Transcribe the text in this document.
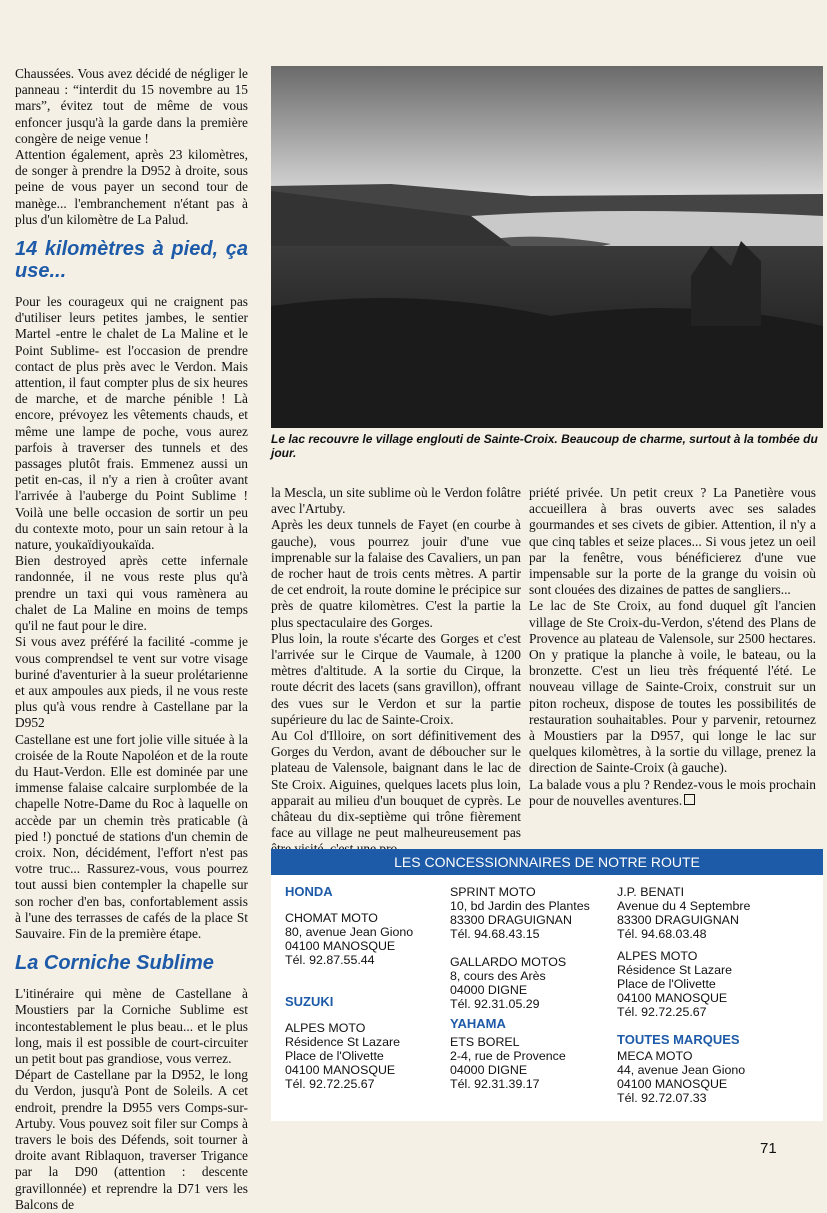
Chaussées. Vous avez décidé de négliger le panneau : “interdit du 15 novembre au 15 mars”, évitez tout de même de vous enfoncer jusqu'à la garde dans la première congère de neige venue !

Attention également, après 23 kilomètres, de songer à prendre la D952 à droite, sous peine de vous payer un second tour de manège... l'embranchement n'étant pas à plus d'un kilomètre de La Palud.

14 kilomètres à pied, ça use...

Pour les courageux qui ne craignent pas d'utiliser leurs petites jambes, le sentier Martel -entre le chalet de La Maline et le Point Sublime- est l'occasion de prendre contact de plus près avec le Verdon. Mais attention, il faut compter plus de six heures de marche, et de marche pénible ! Là encore, prévoyez les vêtements chauds, et même une lampe de poche, vous aurez parfois à traverser des tunnels et des passages plutôt frais. Emmenez aussi un petit en-cas, il n'y a rien à croûter avant l'arrivée à l'auberge du Point Sublime ! Voilà une belle occasion de sortir un peu du contexte moto, pour un sain retour à la nature, youkaïdiyoukaïda.

Bien destroyed après cette infernale randonnée, il ne vous reste plus qu'à prendre un taxi qui vous ramènera au chalet de La Maline en moins de temps qu'il ne faut pour le dire.

Si vous avez préféré la facilité -comme je vous comprendsel te vent sur votre visage buriné d'aventurier à la sueur prolétarienne et aux ampoules aux pieds, il ne vous reste plus qu'à vous rendre à Castellane par la D952

Castellane est une fort jolie ville située à la croisée de la Route Napoléon et de la route du Haut-Verdon. Elle est dominée par une immense falaise calcaire surplombée de la chapelle Notre-Dame du Roc à laquelle on accède par un chemin très praticable (à pied !) ponctué de stations d'un chemin de croix. Non, décidément, l'effort n'est pas votre truc... Rassurez-vous, vous pourrez tout aussi bien contempler la chapelle sur son rocher d'en bas, confortablement assis à l'une des terrasses de cafés de la place St Sauvaire. Fin de la première étape.

La Corniche Sublime

L'itinéraire qui mène de Castellane à Moustiers par la Corniche Sublime est incontestablement le plus beau... et le plus long, mais il est possible de court-circuiter un petit bout pas grandiose, vous verrez.

Départ de Castellane par la D952, le long du Verdon, jusqu'à Pont de Soleils. A cet endroit, prendre la D955 vers Comps-sur-Artuby. Vous pouvez soit filer sur Comps à travers le bois des Défends, soit tourner à droite avant Riblaquon, traverser Trigance par la D90 (attention : descente gravillonnée) et reprendre la D71 vers les Balcons de

Le lac recouvre le village englouti de Sainte-Croix. Beaucoup de charme, surtout à la tombée du jour.

la Mescla, un site sublime où le Verdon folâtre avec l'Artuby.

Après les deux tunnels de Fayet (en courbe à gauche), vous pourrez jouir d'une vue imprenable sur la falaise des Cavaliers, un pan de rocher haut de trois cents mètres. A partir de cet endroit, la route domine le précipice sur près de quatre kilomètres. C'est la partie la plus spectaculaire des Gorges.

Plus loin, la route s'écarte des Gorges et c'est l'arrivée sur le Cirque de Vaumale, à 1200 mètres d'altitude. A la sortie du Cirque, la route décrit des lacets (sans gravillon), offrant des vues sur le Verdon et sur la partie supérieure du lac de Sainte-Croix.

Au Col d'Illoire, on sort définitivement des Gorges du Verdon, avant de déboucher sur le plateau de Valensole, baignant dans le lac de Ste Croix. Aiguines, quelques lacets plus loin, apparait au milieu d'un bouquet de cyprès. Le château du dix-septième qui trône fièrement face au village ne peut malheureusement pas

priété privée. Un petit creux ? La Panetière vous accueillera à bras ouverts avec ses salades gourmandes et ses civets de gibier. Attention, il n'y a que cinq tables et seize places... Si vous jetez un oeil par la fenêtre, vous bénéficierez d'une vue impensable sur la porte de la grange du voisin où sont clouées des dizaines de pattes de sangliers...

Le lac de Ste Croix, au fond duquel gît l'ancien village de Ste Croix-du-Verdon, s'étend des Plans de Provence au plateau de Valensole, sur 2500 hectares. On y pratique la planche à voile, le bateau, ou la bronzette. C'est un lieu très fréquenté l'été. Le nouveau village de Sainte-Croix, construit sur un piton rocheux, dispose de toutes les possibilités de restauration souhaitables. Pour y parvenir, retournez à Moustiers par la D957, qui longe le lac sur quelques kilomètres, à la sortie du village, prenez la direction de Sainte-Croix (à gauche).

La balade vous a plu ? Rendez-vous le mois prochain pour de nouvelles aventures.

LES CONCESSIONNAIRES DE NOTRE ROUTE
HONDA
CHOMAT MOTO
80, avenue Jean Giono
04100 MANOSQUE
Tél. 92.87.55.44
SUZUKI
ALPES MOTO
Résidence St Lazare
Place de l'Olivette
04100 MANOSQUE
Tél. 92.72.25.67
SPRINT MOTO
10, bd Jardin des Plantes
83300 DRAGUIGNAN
Tél. 94.68.43.15
GALLARDO MOTOS
8, cours des Arès
04000 DIGNE
Tél. 92.31.05.29
YAHAMA
ETS BOREL
2-4, rue de Provence
04000 DIGNE
Tél. 92.31.39.17
J.P. BENATI
Avenue du 4 Septembre
83300 DRAGUIGNAN
Tél. 94.68.03.48
ALPES MOTO
Résidence St Lazare
Place de l'Olivette
04100 MANOSQUE
Tél. 92.72.25.67
TOUTES MARQUES
MECA MOTO
44, avenue Jean Giono
04100 MANOSQUE
Tél. 92.72.07.33
71
